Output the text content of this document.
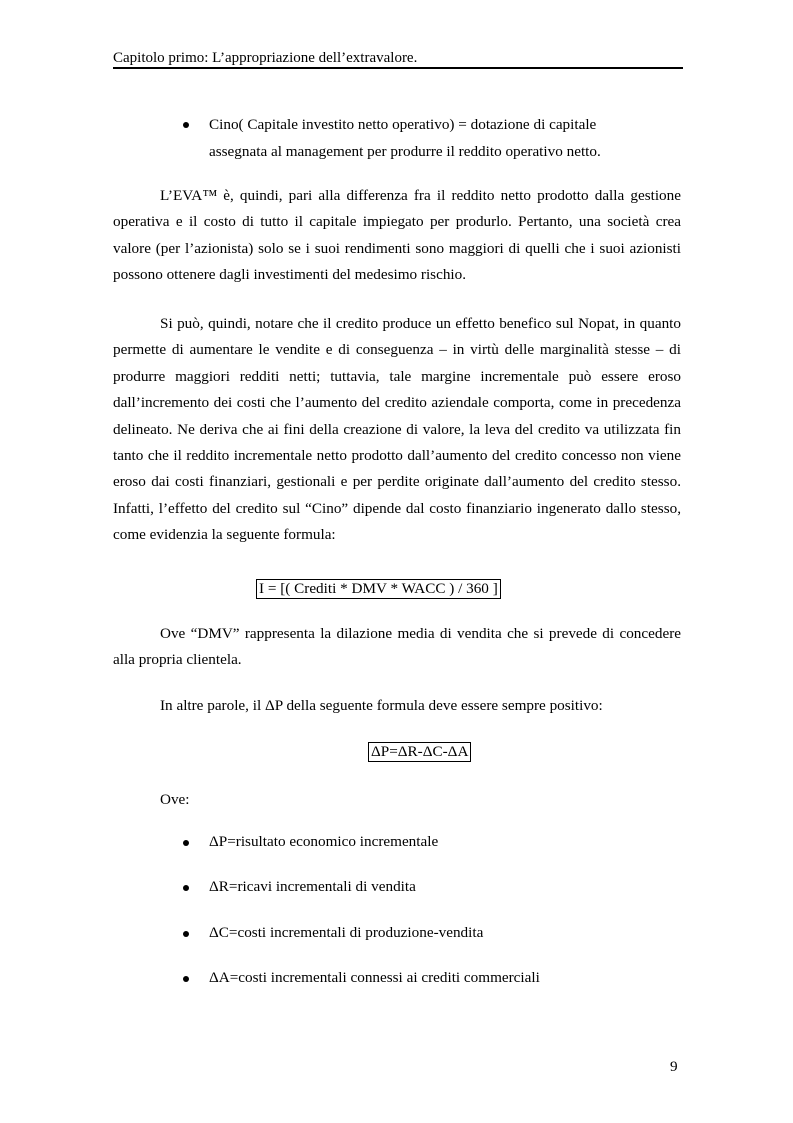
Capitolo primo: L’appropriazione dell’extravalore.
Cino( Capitale investito netto operativo) = dotazione di capitale
assegnata al management per produrre il reddito operativo netto.

L’EVA™ è, quindi, pari alla differenza fra il reddito netto prodotto dalla gestione operativa e il costo di tutto il capitale impiegato per produrlo. Pertanto, una società crea valore (per l’azionista) solo se i suoi rendimenti sono maggiori di quelli che i suoi azionisti possono ottenere dagli investimenti del medesimo rischio.

Si può, quindi, notare che il credito produce un effetto benefico sul Nopat, in quanto permette di aumentare le vendite e di conseguenza – in virtù delle marginalità stesse – di produrre maggiori redditi netti; tuttavia, tale margine incrementale può essere eroso dall’incremento dei costi che l’aumento del credito aziendale comporta, come in precedenza delineato. Ne deriva che ai fini della creazione di valore, la leva del credito va utilizzata fin tanto che il reddito incrementale netto prodotto dall’aumento del credito concesso non viene eroso dai costi finanziari, gestionali e per perdite originate dall’aumento del credito stesso. Infatti, l’effetto del credito sul “Cino” dipende dal costo finanziario ingenerato dallo stesso, come evidenzia la seguente formula:

I = [( Crediti * DMV * WACC ) / 360 ]

Ove “DMV” rappresenta la dilazione media di vendita che si prevede di concedere alla propria clientela.

In altre parole, il ΔP della seguente formula deve essere sempre positivo:

ΔP=ΔR-ΔC-ΔA

Ove:

ΔP=risultato economico incrementale
ΔR=ricavi incrementali di vendita
ΔC=costi incrementali di produzione-vendita
ΔA=costi incrementali connessi ai crediti commerciali
9
